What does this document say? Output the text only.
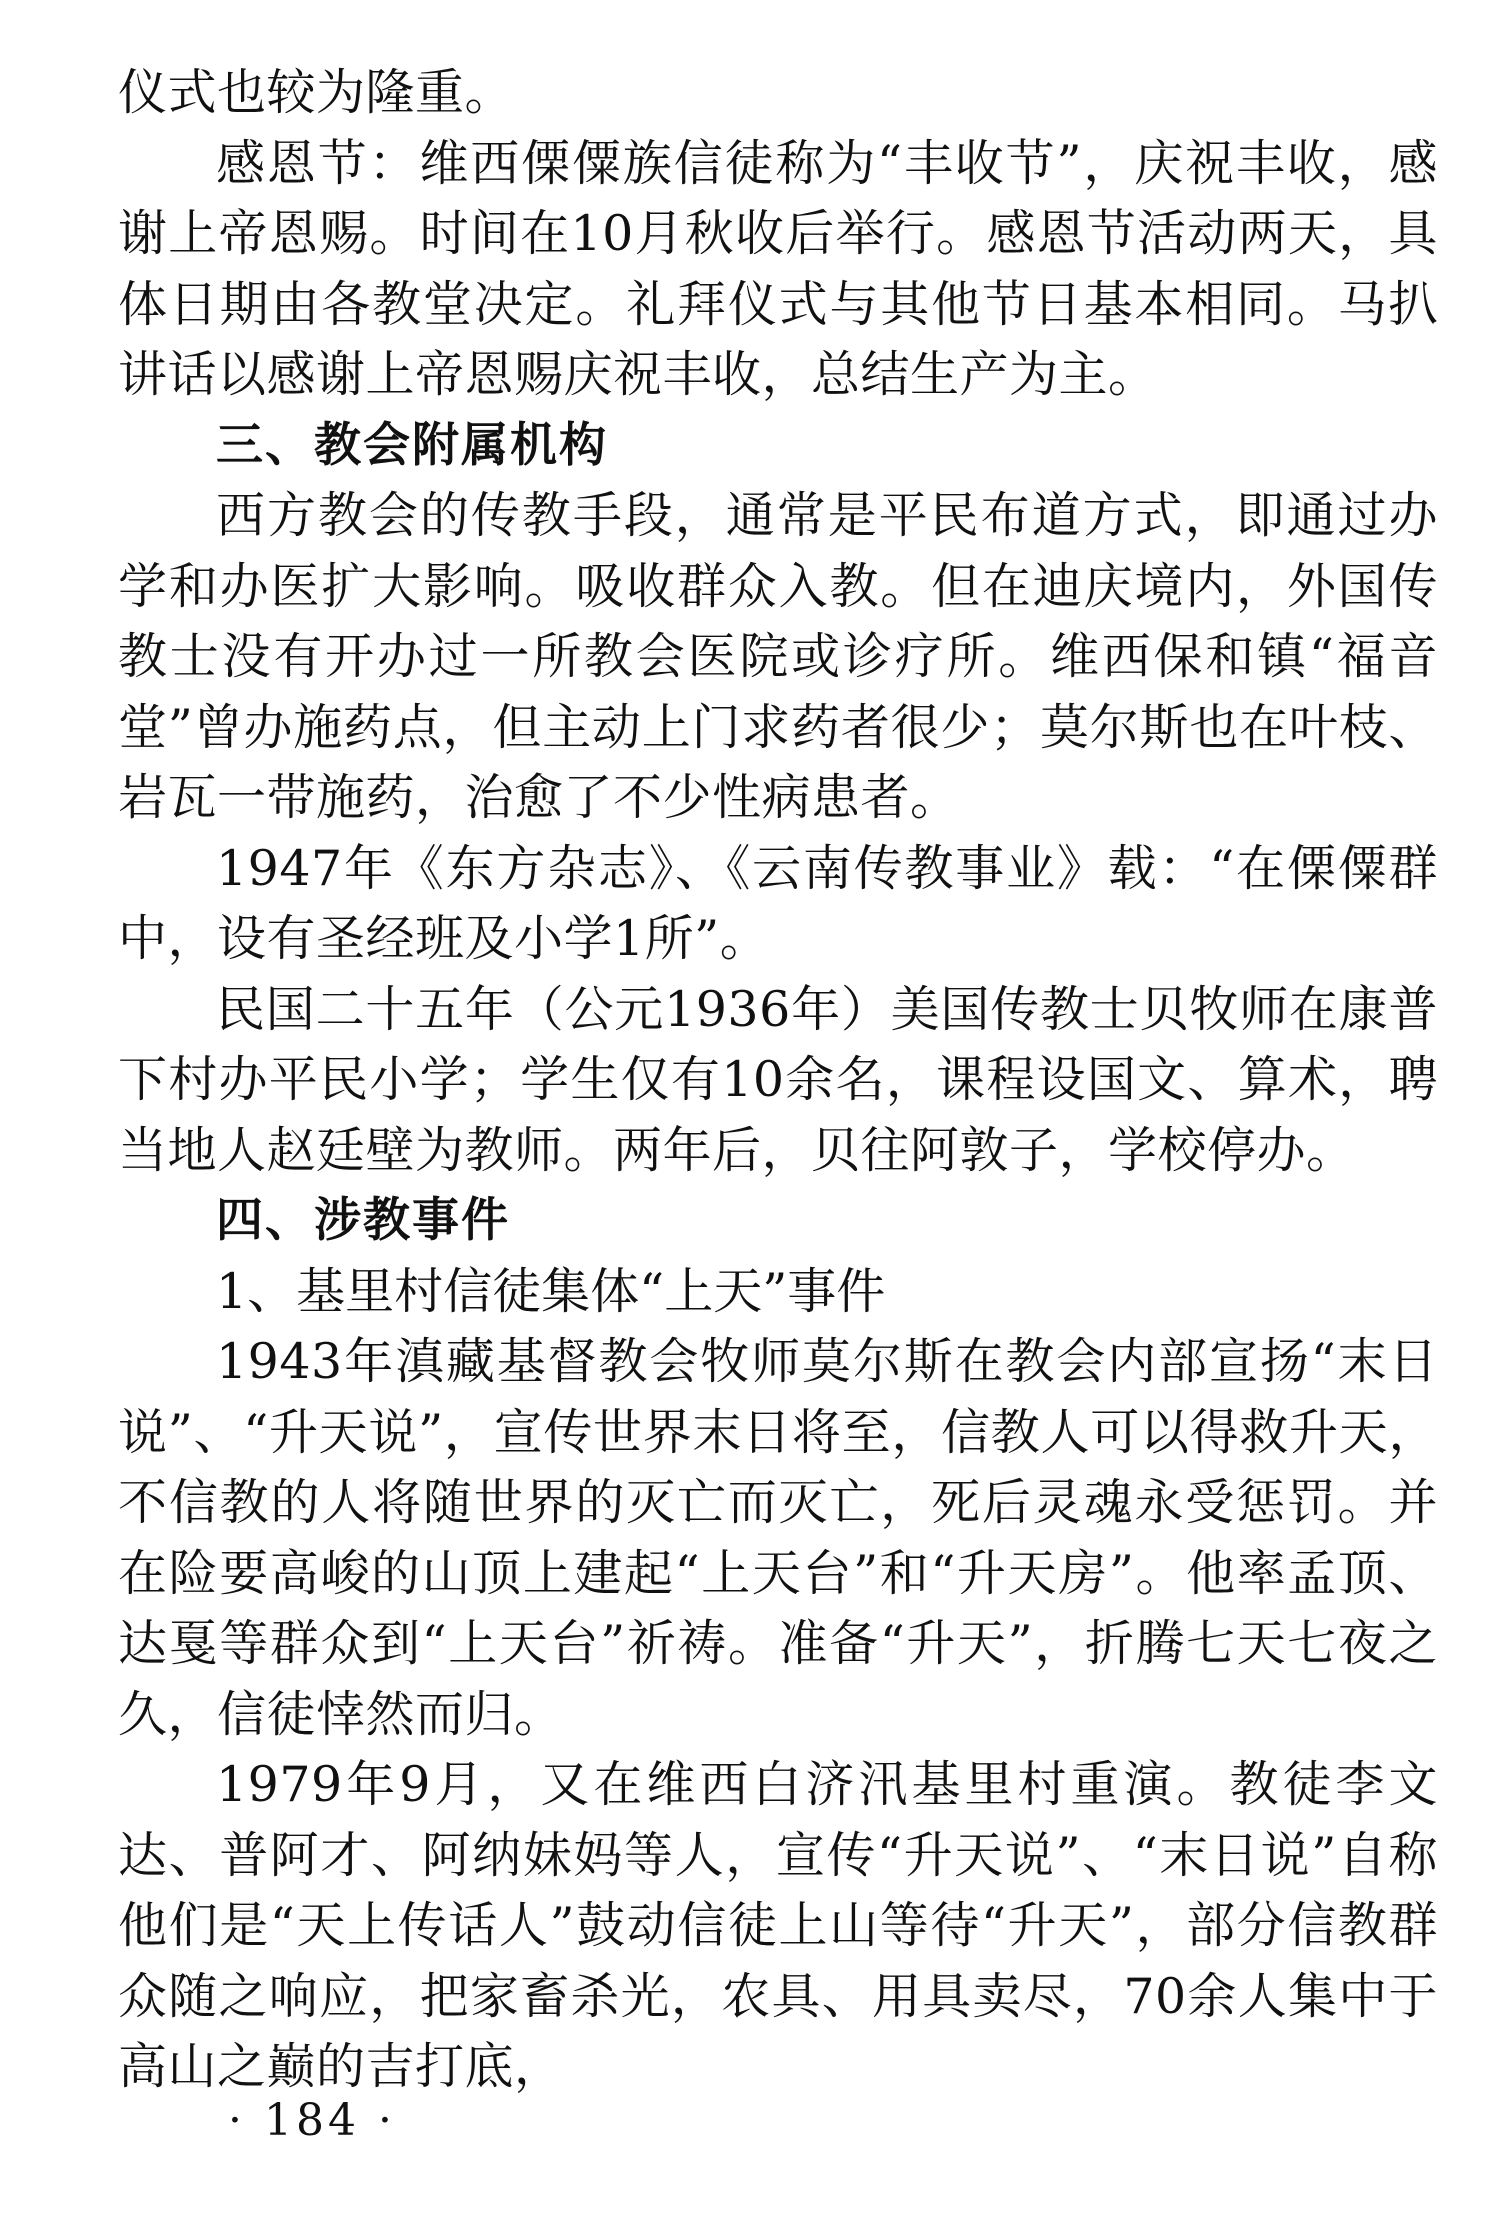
仪式也较为隆重。

感恩节：维西傈僳族信徒称为“丰收节”，庆祝丰收，感谢上帝恩赐。时间在10月秋收后举行。感恩节活动两天，具体日期由各教堂决定。礼拜仪式与其他节日基本相同。马扒讲话以感谢上帝恩赐庆祝丰收，总结生产为主。

三、教会附属机构

西方教会的传教手段，通常是平民布道方式，即通过办学和办医扩大影响。吸收群众入教。但在迪庆境内，外国传教士没有开办过一所教会医院或诊疗所。维西保和镇“福音堂”曾办施药点，但主动上门求药者很少；莫尔斯也在叶枝、岩瓦一带施药，治愈了不少性病患者。

1947年《东方杂志》、《云南传教事业》载：“在傈僳群中，设有圣经班及小学1所”。

民国二十五年（公元1936年）美国传教士贝牧师在康普下村办平民小学；学生仅有10余名，课程设国文、算术，聘当地人赵廷壁为教师。两年后，贝往阿敦子，学校停办。

四、涉教事件

1、基里村信徒集体“上天”事件

1943年滇藏基督教会牧师莫尔斯在教会内部宣扬“末日说”、“升天说”，宣传世界末日将至，信教人可以得救升天，不信教的人将随世界的灭亡而灭亡，死后灵魂永受惩罚。并在险要高峻的山顶上建起“上天台”和“升天房”。他率孟顶、达戛等群众到“上天台”祈祷。准备“升天”，折腾七天七夜之久，信徒悻然而归。

1979年9月，又在维西白济汛基里村重演。教徒李文达、普阿才、阿纳妹妈等人，宣传“升天说”、“末日说”自称他们是“天上传话人”鼓动信徒上山等待“升天”，部分信教群众随之响应，把家畜杀光，农具、用具卖尽，70余人集中于高山之巅的吉打底，

· 184 ·
